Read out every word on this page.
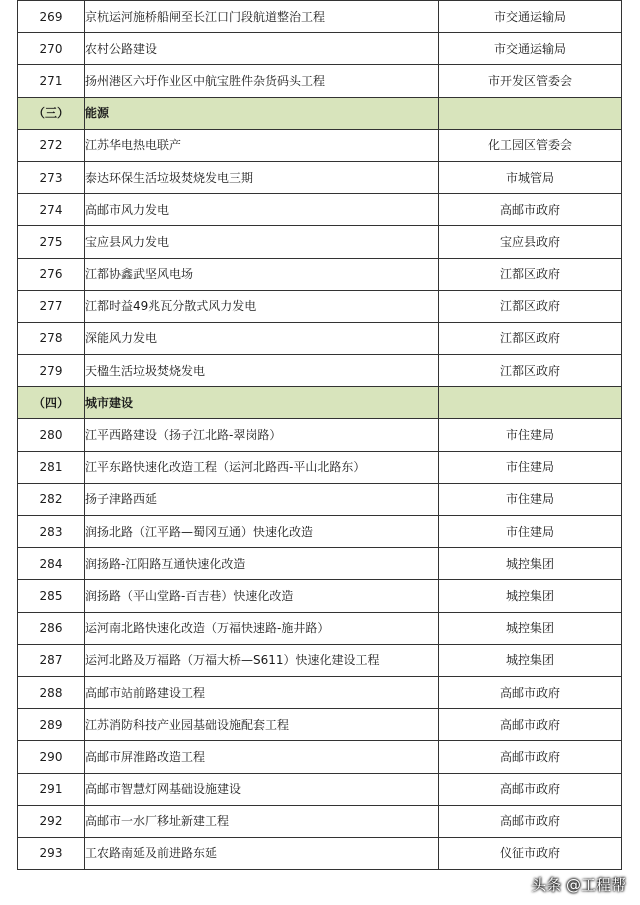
269	京杭运河施桥船闸至长江口门段航道整治工程	市交通运输局
270	农村公路建设	市交通运输局
271	扬州港区六圩作业区中航宝胜件杂货码头工程	市开发区管委会
（三）	能源	
272	江苏华电热电联产	化工园区管委会
273	泰达环保生活垃圾焚烧发电三期	市城管局
274	高邮市风力发电	高邮市政府
275	宝应县风力发电	宝应县政府
276	江都协鑫武坚风电场	江都区政府
277	江都时益49兆瓦分散式风力发电	江都区政府
278	深能风力发电	江都区政府
279	天楹生活垃圾焚烧发电	江都区政府
（四）	城市建设	
280	江平西路建设（扬子江北路-翠岗路）	市住建局
281	江平东路快速化改造工程（运河北路西-平山北路东）	市住建局
282	扬子津路西延	市住建局
283	润扬北路（江平路—蜀冈互通）快速化改造	市住建局
284	润扬路-江阳路互通快速化改造	城控集团
285	润扬路（平山堂路-百吉巷）快速化改造	城控集团
286	运河南北路快速化改造（万福快速路-施井路）	城控集团
287	运河北路及万福路（万福大桥—S611）快速化建设工程	城控集团
288	高邮市站前路建设工程	高邮市政府
289	江苏消防科技产业园基础设施配套工程	高邮市政府
290	高邮市屏淮路改造工程	高邮市政府
291	高邮市智慧灯网基础设施建设	高邮市政府
292	高邮市一水厂移址新建工程	高邮市政府
293	工农路南延及前进路东延	仪征市政府
头条 @工程帮
